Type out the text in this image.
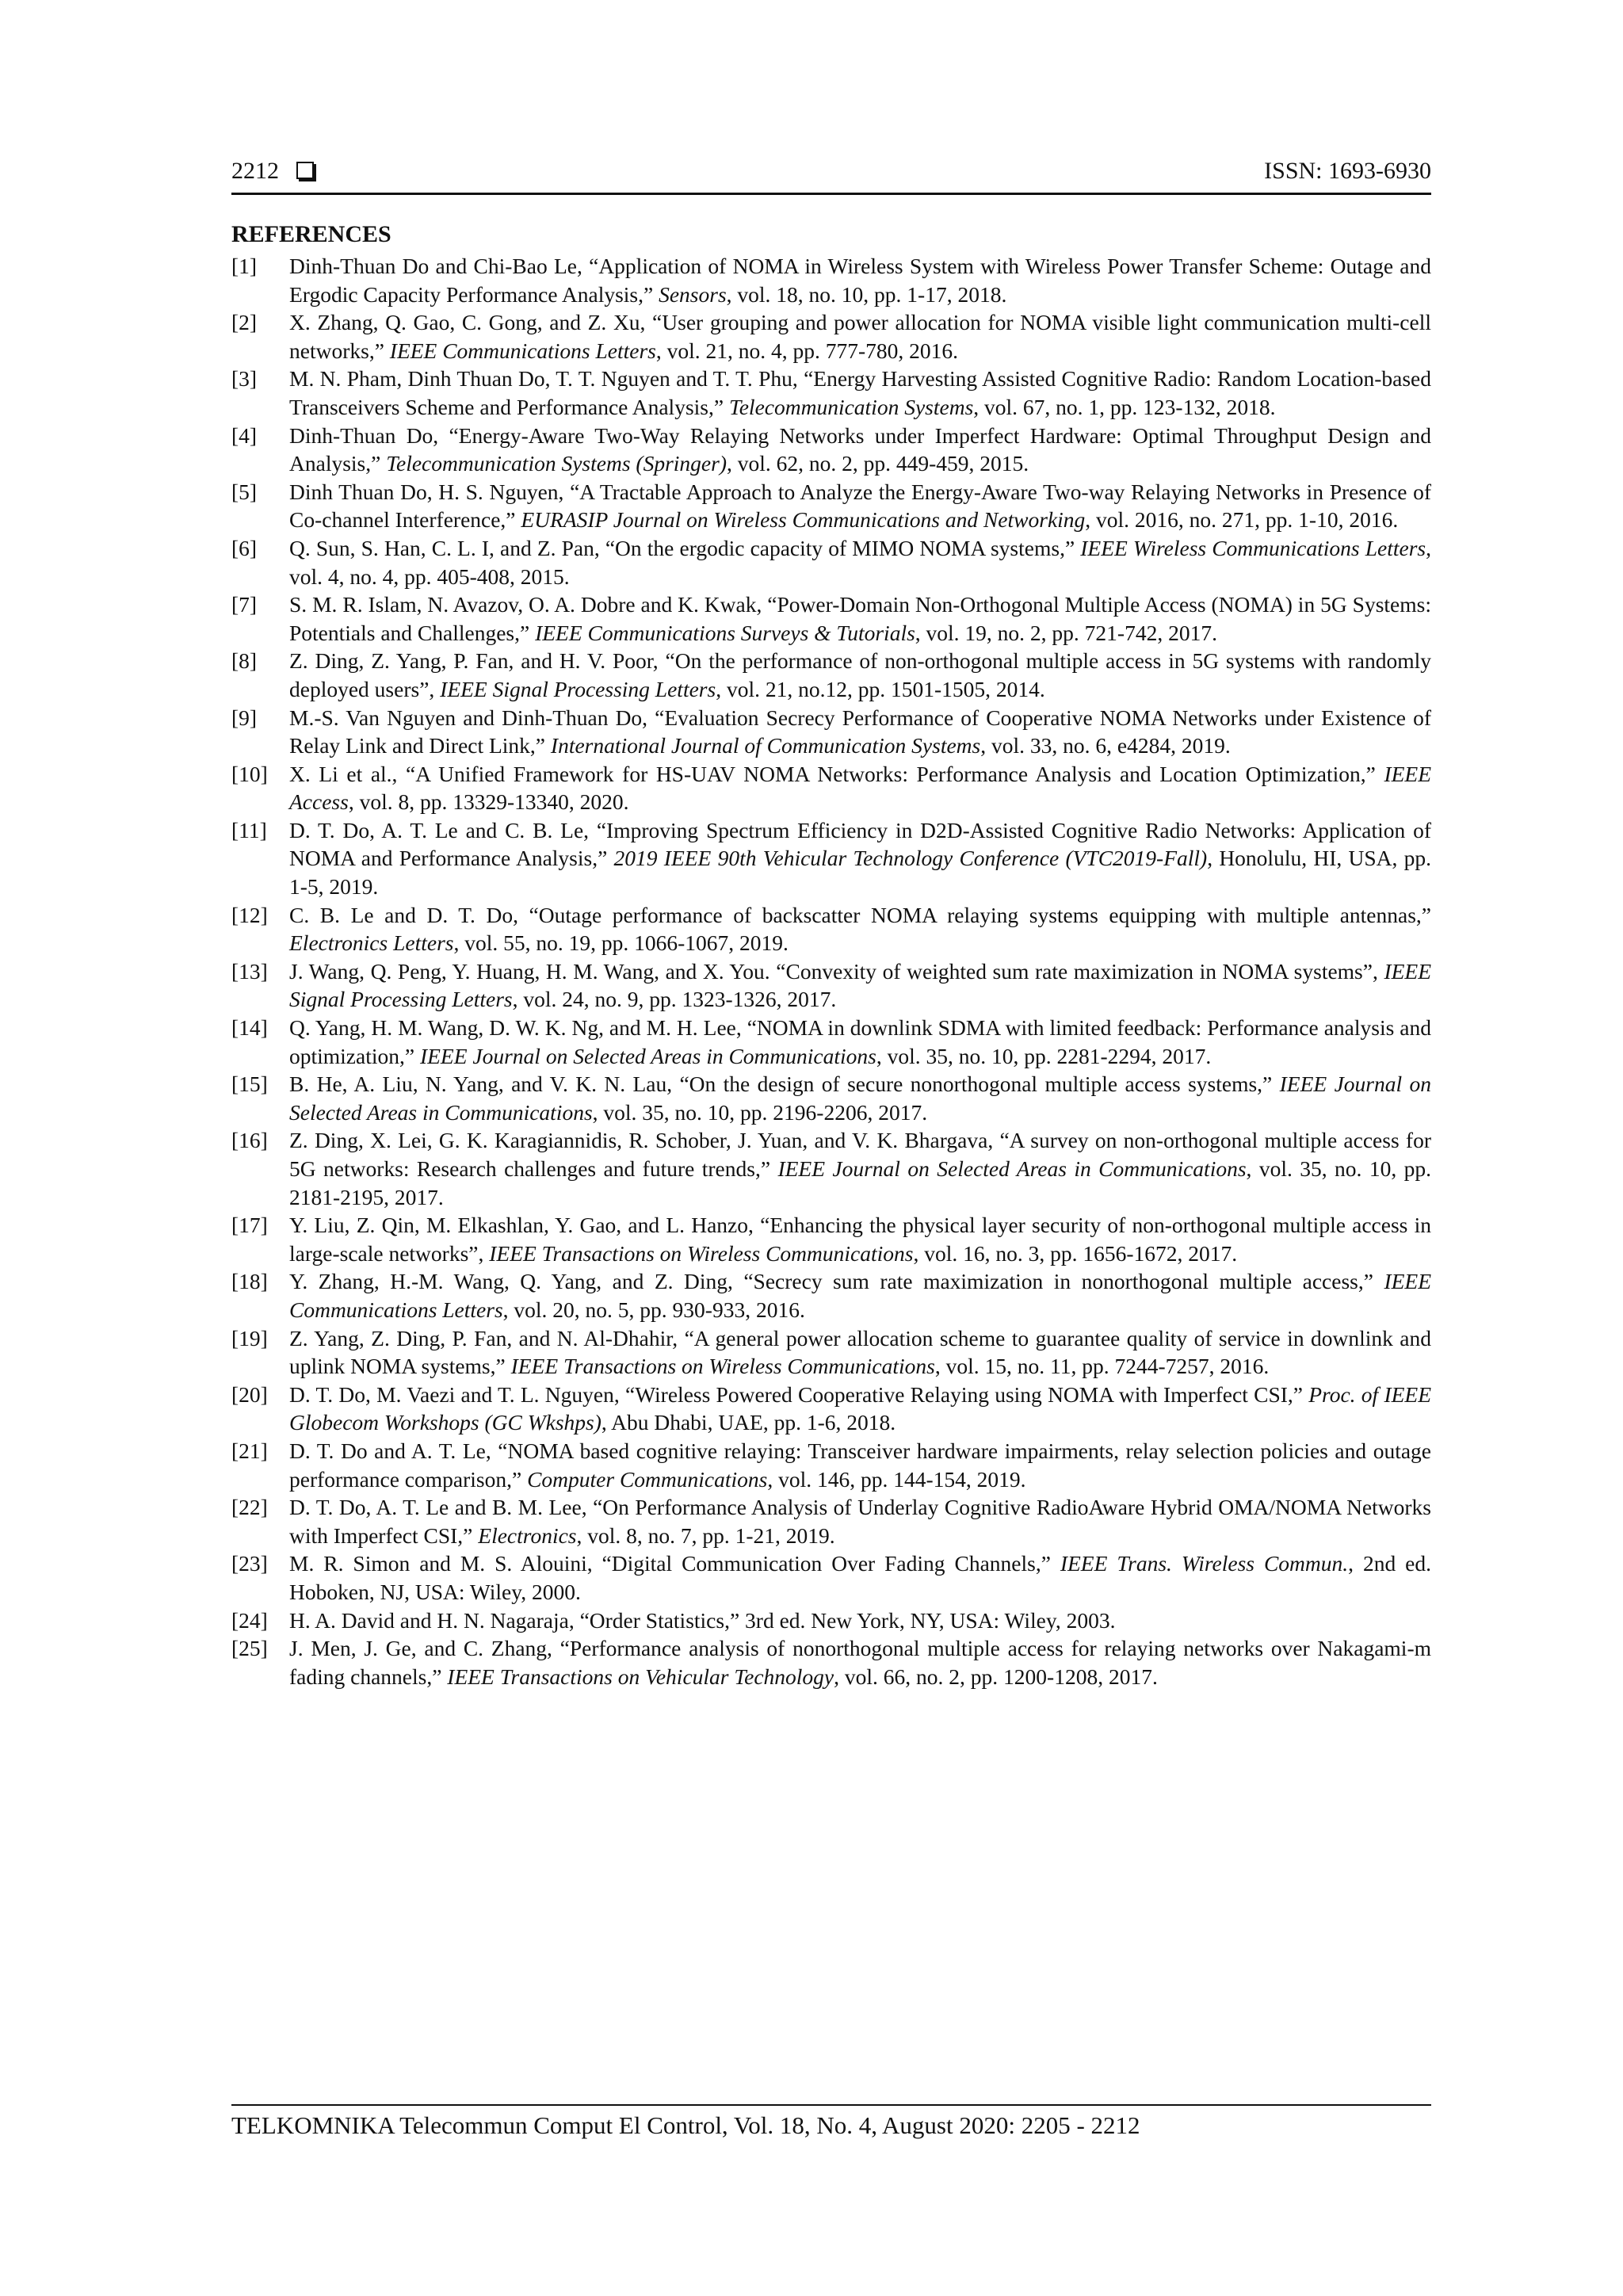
2212	ISSN: 1693-6930
REFERENCES
[1] Dinh-Thuan Do and Chi-Bao Le, “Application of NOMA in Wireless System with Wireless Power Transfer Scheme: Outage and Ergodic Capacity Performance Analysis,” Sensors, vol. 18, no. 10, pp. 1-17, 2018.
[2] X. Zhang, Q. Gao, C. Gong, and Z. Xu, “User grouping and power allocation for NOMA visible light communication multi-cell networks,” IEEE Communications Letters, vol. 21, no. 4, pp. 777-780, 2016.
[3] M. N. Pham, Dinh Thuan Do, T. T. Nguyen and T. T. Phu, “Energy Harvesting Assisted Cognitive Radio: Random Location-based Transceivers Scheme and Performance Analysis,” Telecommunication Systems, vol. 67, no. 1, pp. 123-132, 2018.
[4] Dinh-Thuan Do, “Energy-Aware Two-Way Relaying Networks under Imperfect Hardware: Optimal Throughput Design and Analysis,” Telecommunication Systems (Springer), vol. 62, no. 2, pp. 449-459, 2015.
[5] Dinh Thuan Do, H. S. Nguyen, “A Tractable Approach to Analyze the Energy-Aware Two-way Relaying Networks in Presence of Co-channel Interference,” EURASIP Journal on Wireless Communications and Networking, vol. 2016, no. 271, pp. 1-10, 2016.
[6] Q. Sun, S. Han, C. L. I, and Z. Pan, “On the ergodic capacity of MIMO NOMA systems,” IEEE Wireless Communications Letters, vol. 4, no. 4, pp. 405-408, 2015.
[7] S. M. R. Islam, N. Avazov, O. A. Dobre and K. Kwak, “Power-Domain Non-Orthogonal Multiple Access (NOMA) in 5G Systems: Potentials and Challenges,” IEEE Communications Surveys & Tutorials, vol. 19, no. 2, pp. 721-742, 2017.
[8] Z. Ding, Z. Yang, P. Fan, and H. V. Poor, “On the performance of non-orthogonal multiple access in 5G systems with randomly deployed users”, IEEE Signal Processing Letters, vol. 21, no.12, pp. 1501-1505, 2014.
[9] M.-S. Van Nguyen and Dinh-Thuan Do, “Evaluation Secrecy Performance of Cooperative NOMA Networks under Existence of Relay Link and Direct Link,” International Journal of Communication Systems, vol. 33, no. 6, e4284, 2019.
[10] X. Li et al., “A Unified Framework for HS-UAV NOMA Networks: Performance Analysis and Location Optimization,” IEEE Access, vol. 8, pp. 13329-13340, 2020.
[11] D. T. Do, A. T. Le and C. B. Le, “Improving Spectrum Efficiency in D2D-Assisted Cognitive Radio Networks: Application of NOMA and Performance Analysis,” 2019 IEEE 90th Vehicular Technology Conference (VTC2019-Fall), Honolulu, HI, USA, pp. 1-5, 2019.
[12] C. B. Le and D. T. Do, “Outage performance of backscatter NOMA relaying systems equipping with multiple antennas,” Electronics Letters, vol. 55, no. 19, pp. 1066-1067, 2019.
[13] J. Wang, Q. Peng, Y. Huang, H. M. Wang, and X. You. “Convexity of weighted sum rate maximization in NOMA systems”, IEEE Signal Processing Letters, vol. 24, no. 9, pp. 1323-1326, 2017.
[14] Q. Yang, H. M. Wang, D. W. K. Ng, and M. H. Lee, “NOMA in downlink SDMA with limited feedback: Performance analysis and optimization,” IEEE Journal on Selected Areas in Communications, vol. 35, no. 10, pp. 2281-2294, 2017.
[15] B. He, A. Liu, N. Yang, and V. K. N. Lau, “On the design of secure nonorthogonal multiple access systems,” IEEE Journal on Selected Areas in Communications, vol. 35, no. 10, pp. 2196-2206, 2017.
[16] Z. Ding, X. Lei, G. K. Karagiannidis, R. Schober, J. Yuan, and V. K. Bhargava, “A survey on non-orthogonal multiple access for 5G networks: Research challenges and future trends,” IEEE Journal on Selected Areas in Communications, vol. 35, no. 10, pp. 2181-2195, 2017.
[17] Y. Liu, Z. Qin, M. Elkashlan, Y. Gao, and L. Hanzo, “Enhancing the physical layer security of non-orthogonal multiple access in large-scale networks”, IEEE Transactions on Wireless Communications, vol. 16, no. 3, pp. 1656-1672, 2017.
[18] Y. Zhang, H.-M. Wang, Q. Yang, and Z. Ding, “Secrecy sum rate maximization in nonorthogonal multiple access,” IEEE Communications Letters, vol. 20, no. 5, pp. 930-933, 2016.
[19] Z. Yang, Z. Ding, P. Fan, and N. Al-Dhahir, “A general power allocation scheme to guarantee quality of service in downlink and uplink NOMA systems,” IEEE Transactions on Wireless Communications, vol. 15, no. 11, pp. 7244-7257, 2016.
[20] D. T. Do, M. Vaezi and T. L. Nguyen, “Wireless Powered Cooperative Relaying using NOMA with Imperfect CSI,” Proc. of IEEE Globecom Workshops (GC Wkshps), Abu Dhabi, UAE, pp. 1-6, 2018.
[21] D. T. Do and A. T. Le, “NOMA based cognitive relaying: Transceiver hardware impairments, relay selection policies and outage performance comparison,” Computer Communications, vol. 146, pp. 144-154, 2019.
[22] D. T. Do, A. T. Le and B. M. Lee, “On Performance Analysis of Underlay Cognitive RadioAware Hybrid OMA/NOMA Networks with Imperfect CSI,” Electronics, vol. 8, no. 7, pp. 1-21, 2019.
[23] M. R. Simon and M. S. Alouini, “Digital Communication Over Fading Channels,” IEEE Trans. Wireless Commun., 2nd ed. Hoboken, NJ, USA: Wiley, 2000.
[24] H. A. David and H. N. Nagaraja, “Order Statistics,” 3rd ed. New York, NY, USA: Wiley, 2003.
[25] J. Men, J. Ge, and C. Zhang, “Performance analysis of nonorthogonal multiple access for relaying networks over Nakagami-m fading channels,” IEEE Transactions on Vehicular Technology, vol. 66, no. 2, pp. 1200-1208, 2017.
TELKOMNIKA Telecommun Comput El Control, Vol. 18, No. 4, August 2020: 2205 - 2212
